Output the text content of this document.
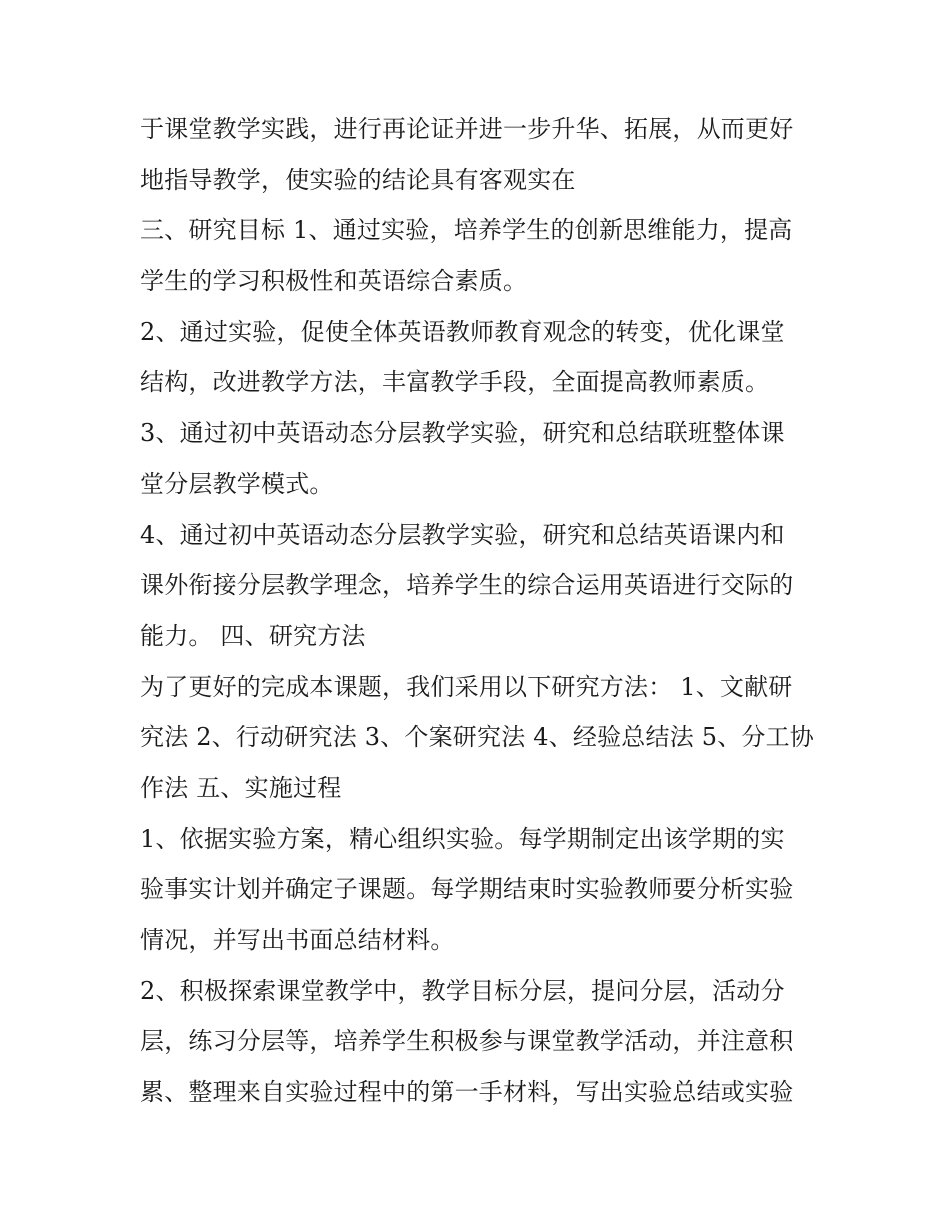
于课堂教学实践，进行再论证并进一步升华、拓展，从而更好
地指导教学，使实验的结论具有客观实在
三、研究目标 1、通过实验，培养学生的创新思维能力，提高
学生的学习积极性和英语综合素质。
2、通过实验，促使全体英语教师教育观念的转变，优化课堂
结构，改进教学方法，丰富教学手段，全面提高教师素质。
3、通过初中英语动态分层教学实验，研究和总结联班整体课
堂分层教学模式。
4、通过初中英语动态分层教学实验，研究和总结英语课内和
课外衔接分层教学理念，培养学生的综合运用英语进行交际的
能力。 四、研究方法
为了更好的完成本课题，我们采用以下研究方法： 1、文献研
究法 2、行动研究法 3、个案研究法 4、经验总结法 5、分工协
作法 五、实施过程
1、依据实验方案，精心组织实验。每学期制定出该学期的实
验事实计划并确定子课题。每学期结束时实验教师要分析实验
情况，并写出书面总结材料。
2、积极探索课堂教学中，教学目标分层，提问分层，活动分
层，练习分层等，培养学生积极参与课堂教学活动，并注意积
累、整理来自实验过程中的第一手材料，写出实验总结或实验
